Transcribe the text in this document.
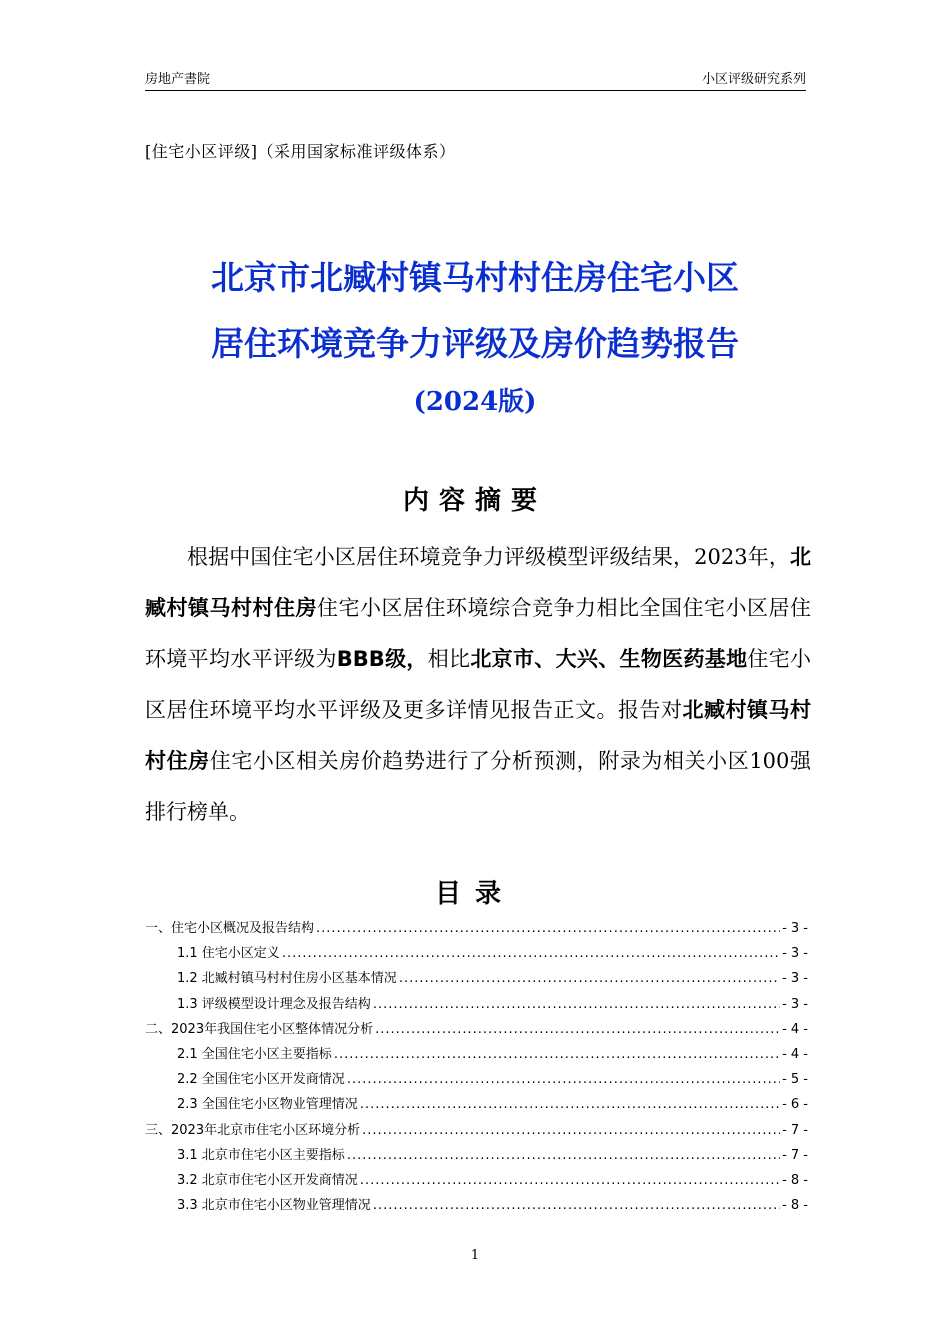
房地产書院	小区评级研究系列
[住宅小区评级]（采用国家标准评级体系）
北京市北臧村镇马村村住房住宅小区
居住环境竞争力评级及房价趋势报告
(2024版)
内容摘要

根据中国住宅小区居住环境竞争力评级模型评级结果，2023年，北臧村镇马村村住房住宅小区居住环境综合竞争力相比全国住宅小区居住环境平均水平评级为BBB级，相比北京市、大兴、生物医药基地住宅小区居住环境平均水平评级及更多详情见报告正文。报告对北臧村镇马村村住房住宅小区相关房价趋势进行了分析预测，附录为相关小区100强排行榜单。

目录
一、住宅小区概况及报告结构 .....	- 3 -
1.1 住宅小区定义 .....	- 3 -
1.2 北臧村镇马村村住房小区基本情况 .....	- 3 -
1.3 评级模型设计理念及报告结构 .....	- 3 -
二、2023年我国住宅小区整体情况分析 .....	- 4 -
2.1 全国住宅小区主要指标 .....	- 4 -
2.2 全国住宅小区开发商情况 .....	- 5 -
2.3 全国住宅小区物业管理情况 .....	- 6 -
三、2023年北京市住宅小区环境分析 .....	- 7 -
3.1 北京市住宅小区主要指标 .....	- 7 -
3.2 北京市住宅小区开发商情况 .....	- 8 -
3.3 北京市住宅小区物业管理情况 .....	- 8 -
1
